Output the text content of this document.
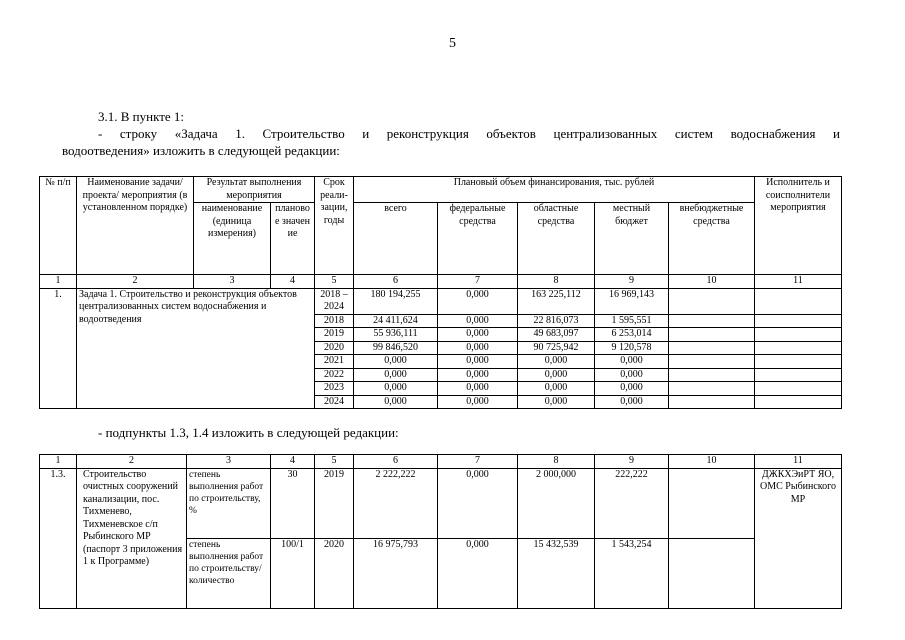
5
3.1. В пункте 1:
- строку «Задача 1. Строительство и реконструкция объектов централизованных систем водоснабжения и
водоотведения» изложить в следующей редакции:
№ п/п	Наименование задачи/проекта/ мероприятия (в установленном порядке)	Результат выполнения мероприятия		Срок реали-зации, годы	Плановый объем финансирования, тыс. рублей					Исполнитель и соисполнители мероприятия
		наименование (единица измерения)	плановое значение		всего	федеральные средства	областные средства	местный бюджет	внебюджетные средства	
1	2	3	4	5	6	7	8	9	10	11
1.	Задача 1. Строительство и реконструкция объектов централизованных систем водоснабжения и водоотведения			2018 – 2024	180 194,255	0,000	163 225,112	16 969,143		
				2018	24 411,624	0,000	22 816,073	1 595,551		
				2019	55 936,111	0,000	49 683,097	6 253,014		
				2020	99 846,520	0,000	90 725,942	9 120,578		
				2021	0,000	0,000	0,000	0,000		
				2022	0,000	0,000	0,000	0,000		
				2023	0,000	0,000	0,000	0,000		
				2024	0,000	0,000	0,000	0,000		
- подпункты 1.3, 1.4 изложить в следующей редакции:
1	2	3	4	5	6	7	8	9	10	11
1.3.	Строительство очистных сооружений канализации, пос. Тихменево, Тихменевское с/п Рыбинского МР (паспорт 3 приложения 1 к Программе)	степень выполнения работ по строительству, %	30	2019	2 222,222	0,000	2 000,000	222,222		ДЖКХЭиРТ ЯО, ОМС Рыбинского МР
		степень выполнения работ по строительству/ количество	100/1	2020	16 975,793	0,000	15 432,539	1 543,254		
